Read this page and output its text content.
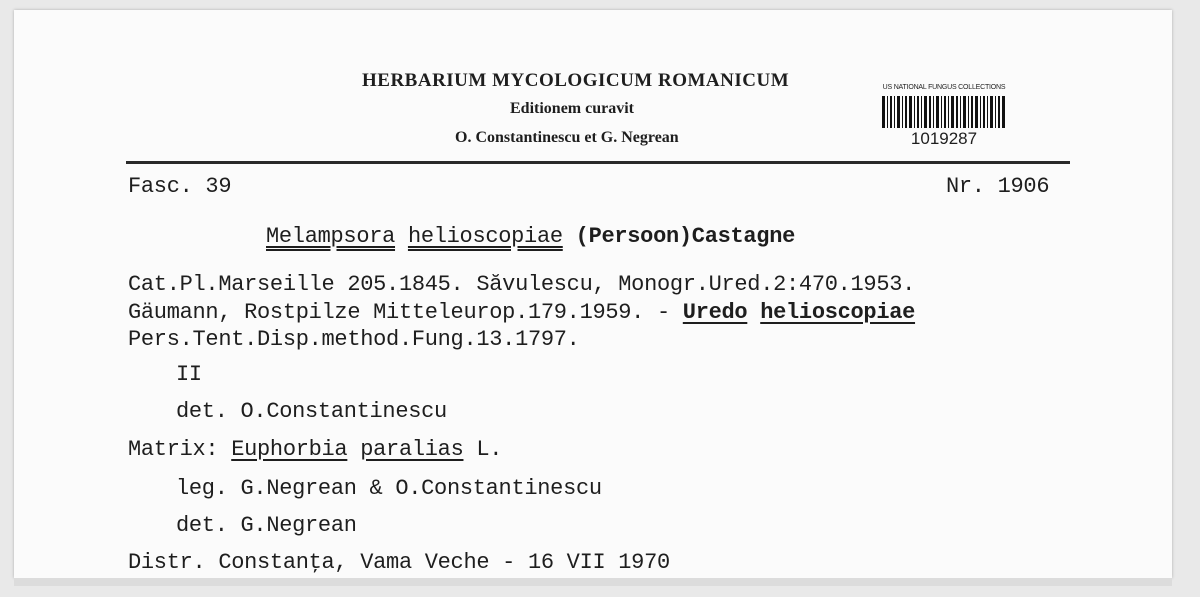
HERBARIUM MYCOLOGICUM ROMANICUM
Editionem curavit
O. Constantinescu et G. Negrean
US NATIONAL FUNGUS COLLECTIONS
1019287
Fasc. 39	Nr. 1906
Melampsora helioscopiae (Persoon)Castagne
Cat.Pl.Marseille 205.1845. Săvulescu, Monogr.Ured.2:470.1953.
Gäumann, Rostpilze Mitteleurop.179.1959. - Uredo helioscopiae
Pers.Tent.Disp.method.Fung.13.1797.
II
det. O.Constantinescu
Matrix: Euphorbia paralias L.
leg. G.Negrean & O.Constantinescu
det. G.Negrean
Distr. Constanţa, Vama Veche - 16 VII 1970
